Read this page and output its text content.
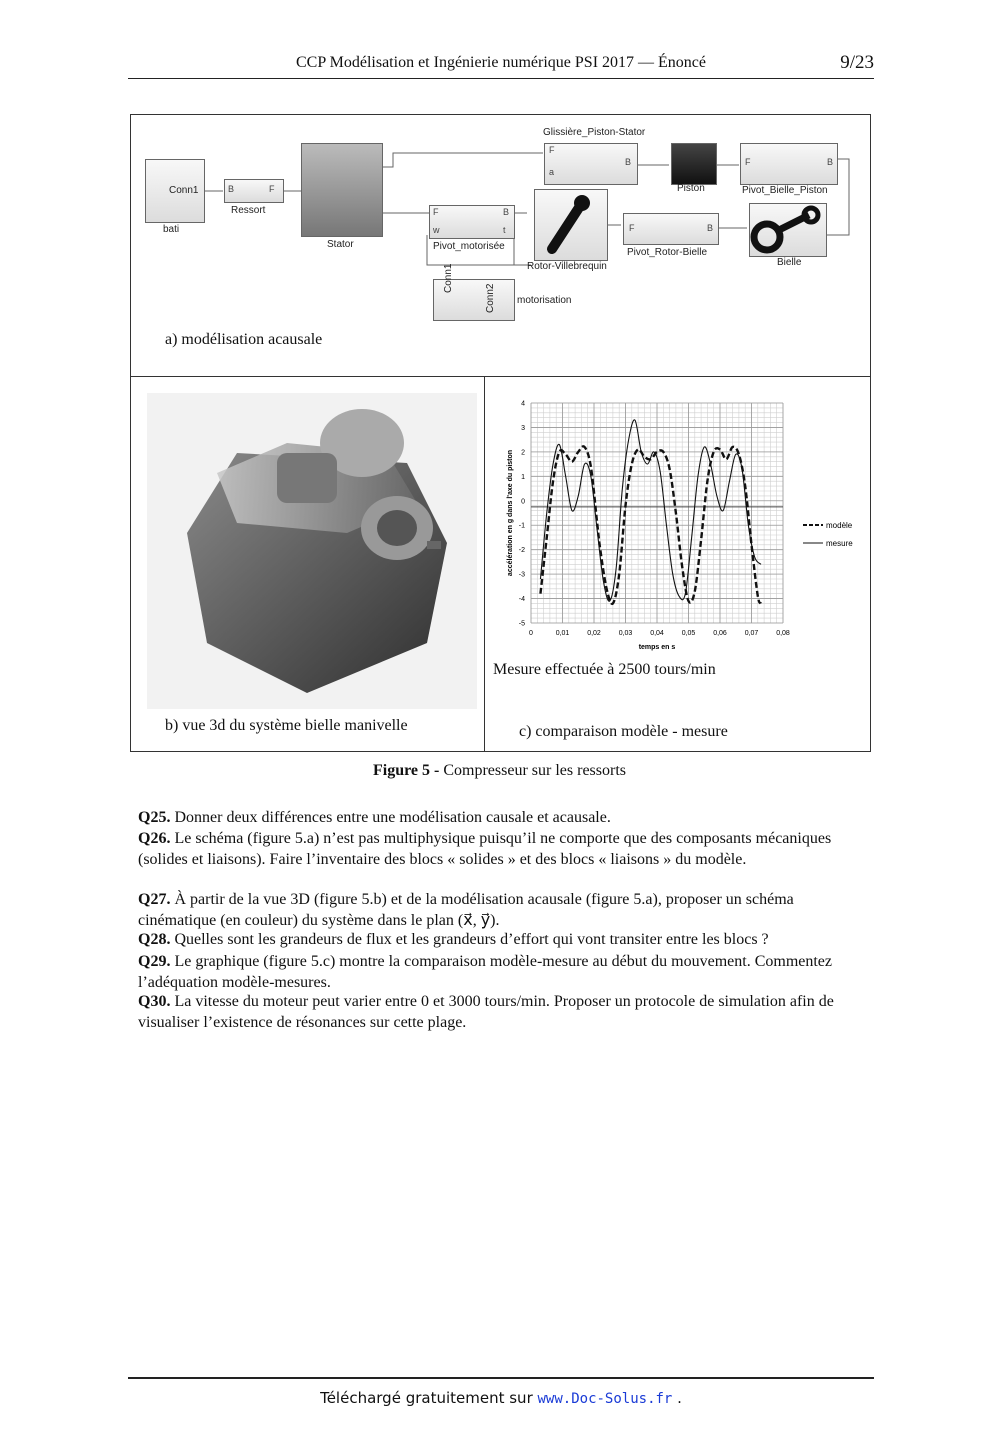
CCP Modélisation et Ingénierie numérique PSI 2017 — Énoncé	9/23
Conn1
bati
B	F
Ressort
Stator
Glissière_Piston-Stator
F
a
B
Piston
F	B
Pivot_Bielle_Piston
F
w
B
t
Pivot_motorisée
Rotor-Villebrequin
F	B
Pivot_Rotor-Bielle
Bielle
Conn1
Conn2 motorisation
a) modélisation acausale
b) vue 3d du système bielle manivelle
0	0,01	0,02	0,03	0,04	0,05	0,06	0,07	0,08
-5
-4
-3
-2
-1
0
1
2
3
4
temps en s
accélération en g dans l'axe du piston	modèle
mesure
Mesure effectuée à 2500 tours/min
c) comparaison modèle - mesure
Figure 5 - Compresseur sur les ressorts
Q25. Donner deux différences entre une modélisation causale et acausale.
Q26. Le schéma (figure 5.a) n’est pas multiphysique puisqu’il ne comporte que des composants mécaniques (solides et liaisons). Faire l’inventaire des blocs « solides » et des blocs « liaisons » du modèle.
Q27. À partir de la vue 3D (figure 5.b) et de la modélisation acausale (figure 5.a), proposer un schéma cinématique (en couleur) du système dans le plan (x⃗, y⃗).
Q28. Quelles sont les grandeurs de flux et les grandeurs d’effort qui vont transiter entre les blocs ?
Q29. Le graphique (figure 5.c) montre la comparaison modèle-mesure au début du mouvement. Commentez l’adéquation modèle-mesures.
Q30. La vitesse du moteur peut varier entre 0 et 3000 tours/min. Proposer un protocole de simulation afin de visualiser l’existence de résonances sur cette plage.
Téléchargé gratuitement sur www.Doc-Solus.fr .
